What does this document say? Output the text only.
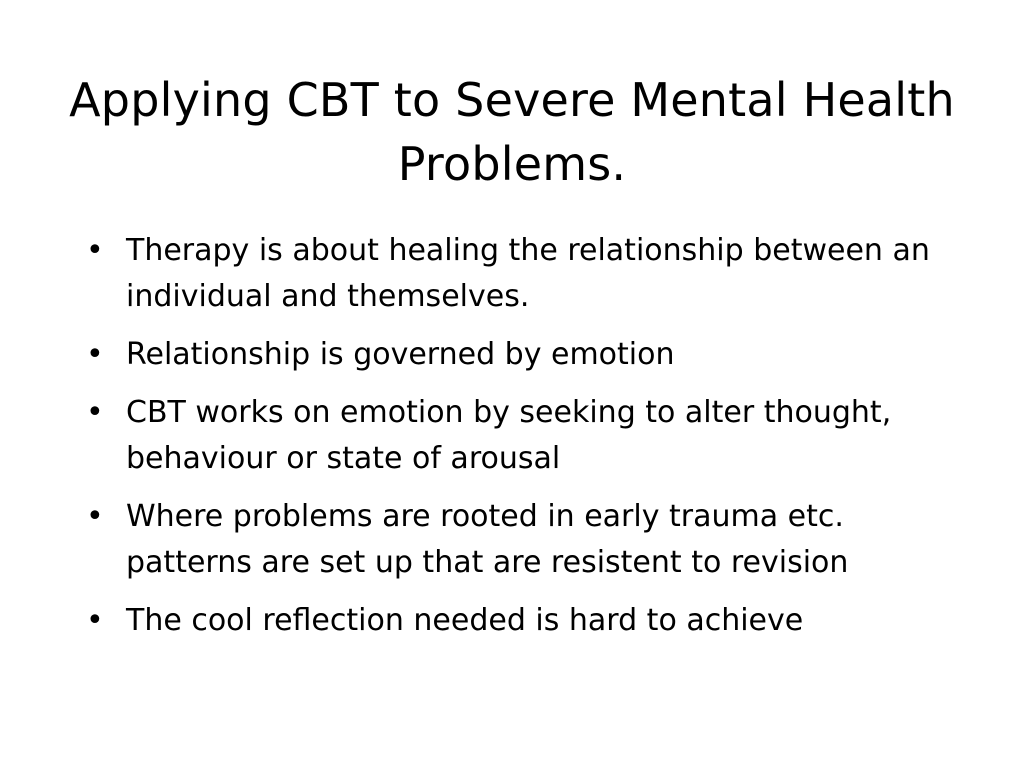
Applying CBT to Severe Mental Health Problems.
• Therapy is about healing the relationship between an individual and themselves.
• Relationship is governed by emotion
• CBT works on emotion by seeking to alter thought, behaviour or state of arousal
• Where problems are rooted in early trauma etc. patterns are set up that are resistent to revision
• The cool reflection needed is hard to achieve
